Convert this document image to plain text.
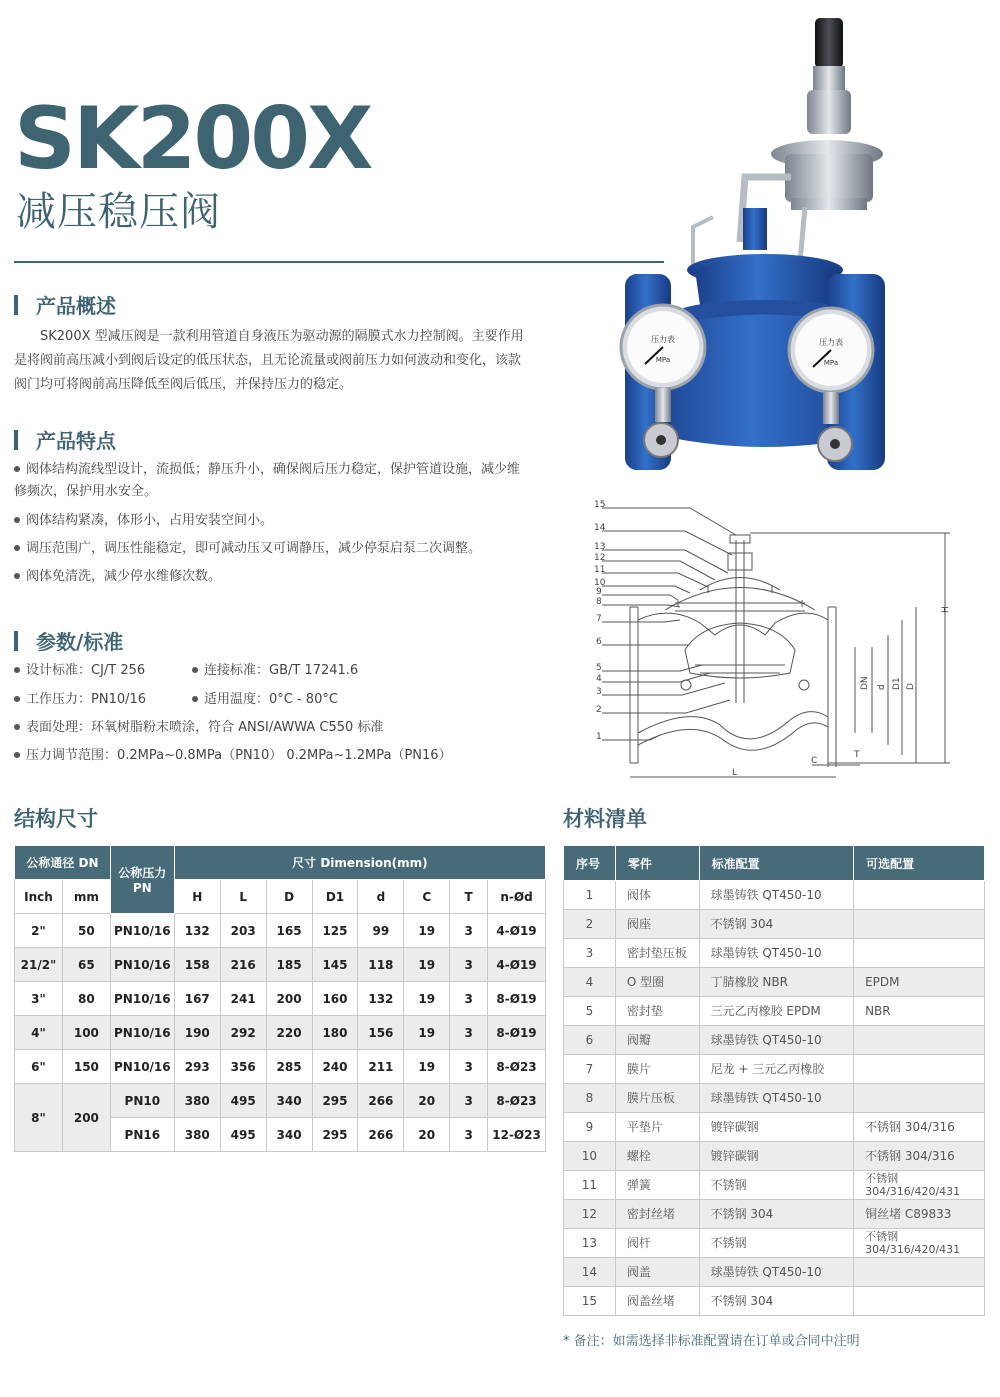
SK200X
减压稳压阀
压力表
MPa
压力表
MPa
产品概述
SK200X 型减压阀是一款利用管道自身液压为驱动源的隔膜式水力控制阀。主要作用是将阀前高压减小到阀后设定的低压状态，且无论流量或阀前压力如何波动和变化，该款阀门均可将阀前高压降低至阀后低压，并保持压力的稳定。
产品特点
阀体结构流线型设计，流损低；静压升小，确保阀后压力稳定，保护管道设施，减少维修频次，保护用水安全。
阀体结构紧凑，体形小，占用安装空间小。
调压范围广，调压性能稳定，即可减动压又可调静压，减少停泵启泵二次调整。
阀体免清洗，减少停水维修次数。
参数/标准
设计标准：CJ/T 256	连接标准：GB/T 17241.6
工作压力：PN10/16	适用温度：0°C - 80°C
表面处理：环氧树脂粉末喷涂，符合 ANSI/AWWA C550 标准
压力调节范围：0.2MPa~0.8MPa（PN10） 0.2MPa~1.2MPa（PN16）
15
14
13
12
11
10
9
8
7
6
5
4
3
2
1
H
DN d D1 D
C
T
L
结构尺寸
公称通径 DN		公称压力 PN	尺寸 Dimension(mm)							
Inch	mm		H	L	D	D1	d	C	T	n-Ød
2"	50	PN10/16	132	203	165	125	99	19	3	4-Ø19
21/2"	65	PN10/16	158	216	185	145	118	19	3	4-Ø19
3"	80	PN10/16	167	241	200	160	132	19	3	8-Ø19
4"	100	PN10/16	190	292	220	180	156	19	3	8-Ø19
6"	150	PN10/16	293	356	285	240	211	19	3	8-Ø23
8"	200	PN10	380	495	340	295	266	20	3	8-Ø23
		PN16	380	495	340	295	266	20	3	12-Ø23
材料清单
序号	零件	标准配置	可选配置
1	阀体	球墨铸铁 QT450-10	
2	阀座	不锈钢 304	
3	密封垫压板	球墨铸铁 QT450-10	
4	O 型圈	丁腈橡胶 NBR	EPDM
5	密封垫	三元乙丙橡胶 EPDM	NBR
6	阀瓣	球墨铸铁 QT450-10	
7	膜片	尼龙 + 三元乙丙橡胶	
8	膜片压板	球墨铸铁 QT450-10	
9	平垫片	镀锌碳钢	不锈钢 304/316
10	螺栓	镀锌碳钢	不锈钢 304/316
11	弹簧	不锈钢	不锈钢 304/316/420/431
12	密封丝堵	不锈钢 304	铜丝堵 C89833
13	阀杆	不锈钢	不锈钢 304/316/420/431
14	阀盖	球墨铸铁 QT450-10	
15	阀盖丝堵	不锈钢 304	
* 备注：如需选择非标准配置请在订单或合同中注明
